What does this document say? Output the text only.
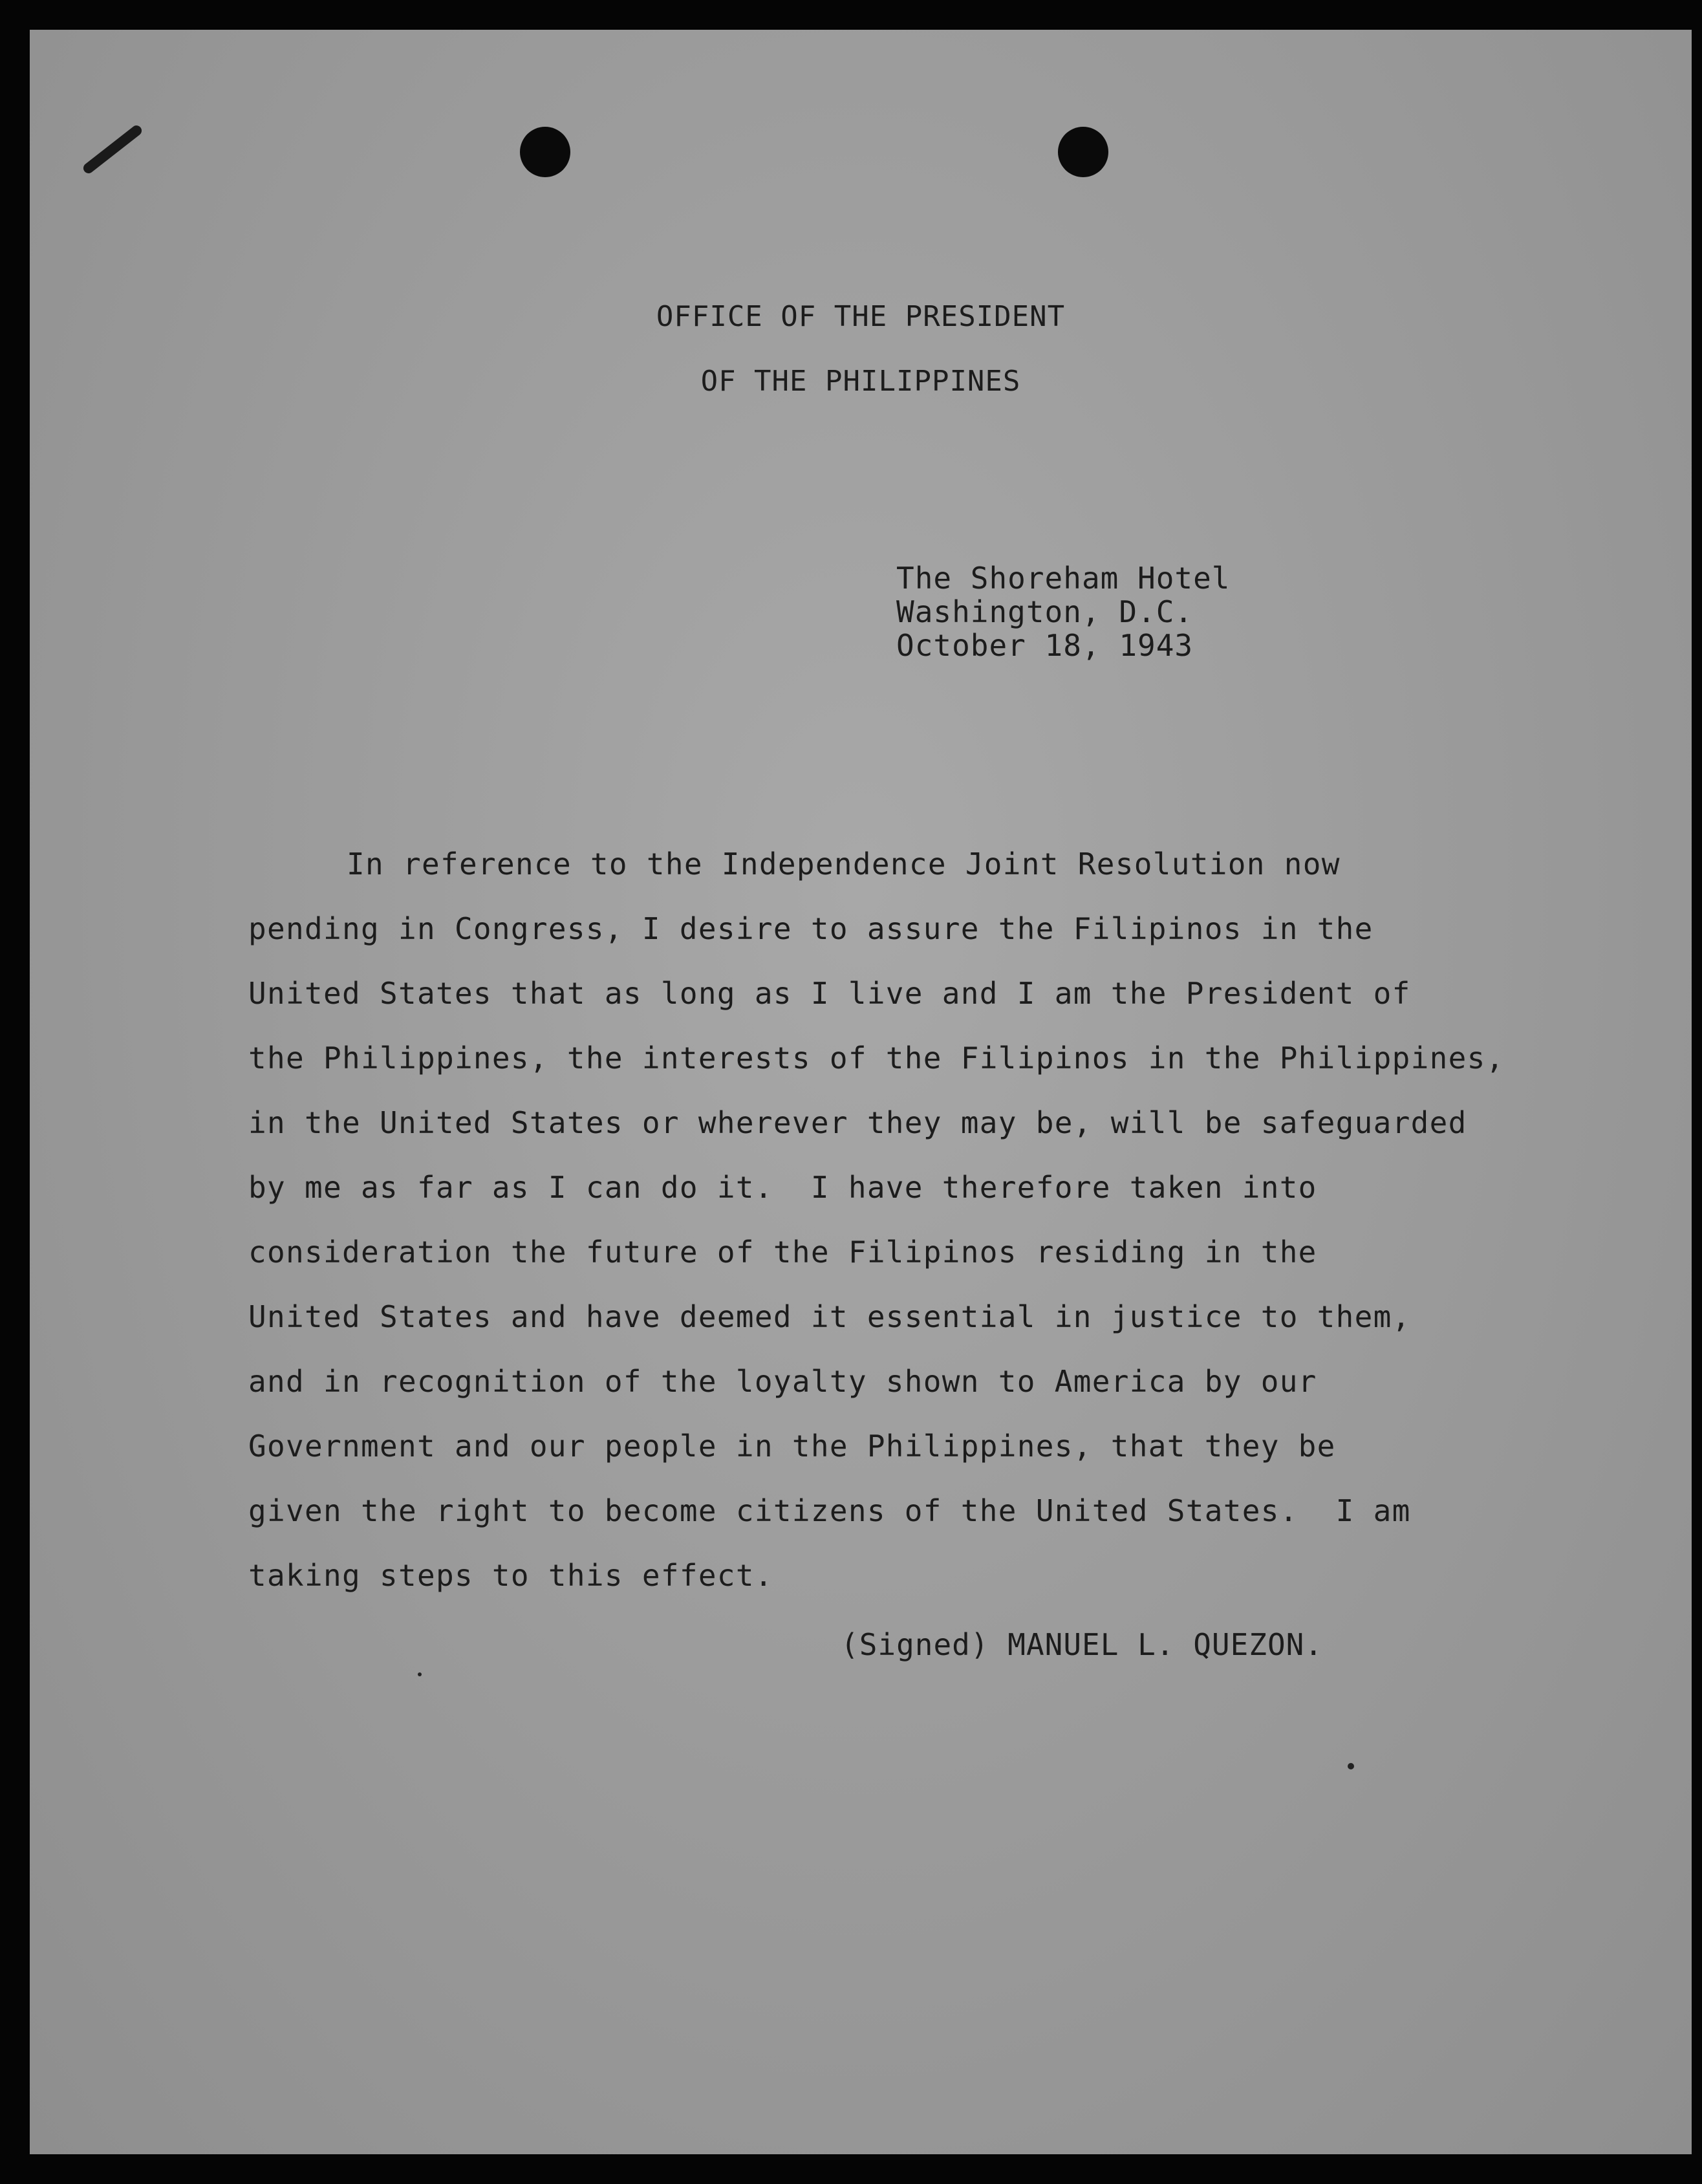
OFFICE OF THE PRESIDENT
OF THE PHILIPPINES
The Shoreham Hotel
Washington, D.C.
October 18, 1943
In reference to the Independence Joint Resolution now
pending in Congress, I desire to assure the Filipinos in the
United States that as long as I live and I am the President of
the Philippines, the interests of the Filipinos in the Philippines,
in the United States or wherever they may be, will be safeguarded
by me as far as I can do it.  I have therefore taken into
consideration the future of the Filipinos residing in the
United States and have deemed it essential in justice to them,
and in recognition of the loyalty shown to America by our
Government and our people in the Philippines, that they be
given the right to become citizens of the United States.  I am
taking steps to this effect.
(Signed) MANUEL L. QUEZON.
